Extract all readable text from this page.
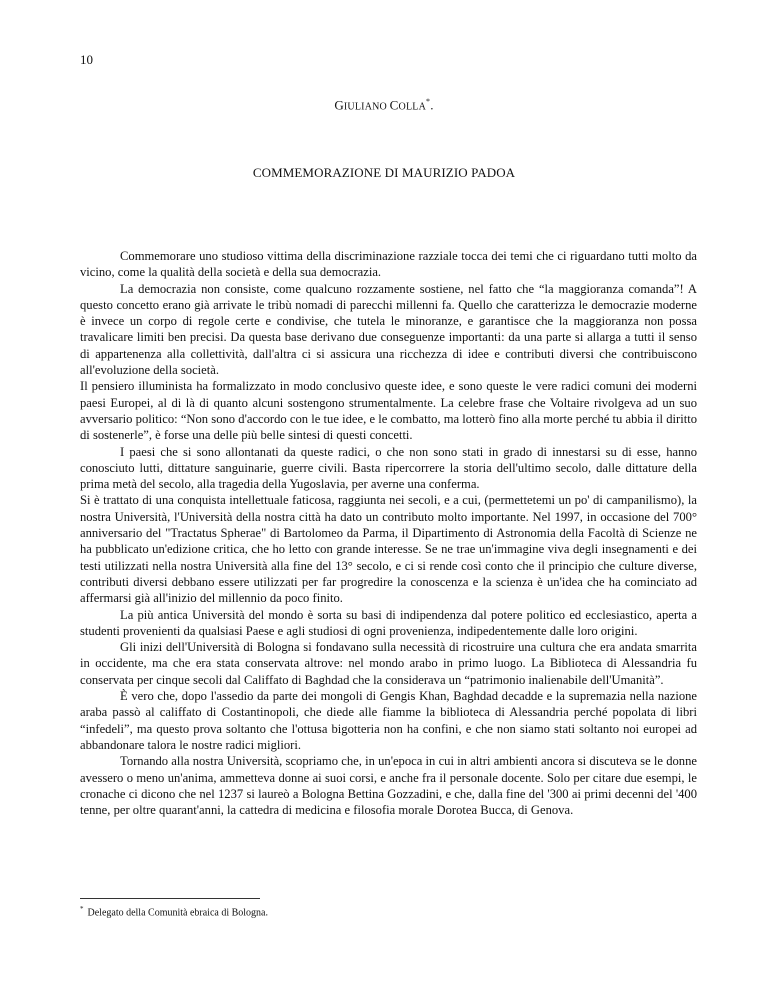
10
GIULIANO COLLA*.
COMMEMORAZIONE DI MAURIZIO PADOA

Commemorare uno studioso vittima della discriminazione razziale tocca dei temi che ci riguardano tutti molto da vicino, come la qualità della società e della sua democrazia.

La democrazia non consiste, come qualcuno rozzamente sostiene, nel fatto che “la maggioranza comanda”! A questo concetto erano già arrivate le tribù nomadi di parecchi millenni fa. Quello che caratterizza le democrazie moderne è invece un corpo di regole certe e condivise, che tutela le minoranze, e garantisce che la maggioranza non possa travalicare limiti ben precisi. Da questa base derivano due conseguenze importanti: da una parte si allarga a tutti il senso di appartenenza alla collettività, dall'altra ci si assicura una ricchezza di idee e contributi diversi che contribuiscono all'evoluzione della società.

Il pensiero illuminista ha formalizzato in modo conclusivo queste idee, e sono queste le vere radici comuni dei moderni paesi Europei, al di là di quanto alcuni sostengono strumentalmente. La celebre frase che Voltaire rivolgeva ad un suo avversario politico: “Non sono d'accordo con le tue idee, e le combatto, ma lotterò fino alla morte perché tu abbia il diritto di sostenerle”, è forse una delle più belle sintesi di questi concetti.

I paesi che si sono allontanati da queste radici, o che non sono stati in grado di innestarsi su di esse, hanno conosciuto lutti, dittature sanguinarie, guerre civili. Basta ripercorrere la storia dell'ultimo secolo, dalle dittature della prima metà del secolo, alla tragedia della Yugoslavia, per averne una conferma.

Si è trattato di una conquista intellettuale faticosa, raggiunta nei secoli, e a cui, (permettetemi un po' di campanilismo), la nostra Università, l'Università della nostra città ha dato un contributo molto importante. Nel 1997, in occasione del 700° anniversario del "Tractatus Spherae" di Bartolomeo da Parma, il Dipartimento di Astronomia della Facoltà di Scienze ne ha pubblicato un'edizione critica, che ho letto con grande interesse. Se ne trae un'immagine viva degli insegnamenti e dei testi utilizzati nella nostra Università alla fine del 13° secolo, e ci si rende così conto che il principio che culture diverse, contributi diversi debbano essere utilizzati per far progredire la conoscenza e la scienza è un'idea che ha cominciato ad affermarsi già all'inizio del millennio da poco finito.

La più antica Università del mondo è sorta su basi di indipendenza dal potere politico ed ecclesiastico, aperta a studenti provenienti da qualsiasi Paese e agli studiosi di ogni provenienza, indipedentemente dalle loro origini.

Gli inizi dell'Università di Bologna si fondavano sulla necessità di ricostruire una cultura che era andata smarrita in occidente, ma che era stata conservata altrove: nel mondo arabo in primo luogo. La Biblioteca di Alessandria fu conservata per cinque secoli dal Califfato di Baghdad che la considerava un “patrimonio inalienabile dell'Umanità”.

È vero che, dopo l'assedio da parte dei mongoli di Gengis Khan, Baghdad decadde e la supremazia nella nazione araba passò al califfato di Costantinopoli, che diede alle fiamme la biblioteca di Alessandria perché popolata di libri “infedeli”, ma questo prova soltanto che l'ottusa bigotteria non ha confini, e che non siamo stati soltanto noi europei ad abbandonare talora le nostre radici migliori.

Tornando alla nostra Università, scopriamo che, in un'epoca in cui in altri ambienti ancora si discuteva se le donne avessero o meno un'anima, ammetteva donne ai suoi corsi, e anche fra il personale docente. Solo per citare due esempi, le cronache ci dicono che nel 1237 si laureò a Bologna Bettina Gozzadini, e che, dalla fine del '300 ai primi decenni del '400 tenne, per oltre quarant'anni, la cattedra di medicina e filosofia morale Dorotea Bucca, di Genova.

* Delegato della Comunità ebraica di Bologna.
